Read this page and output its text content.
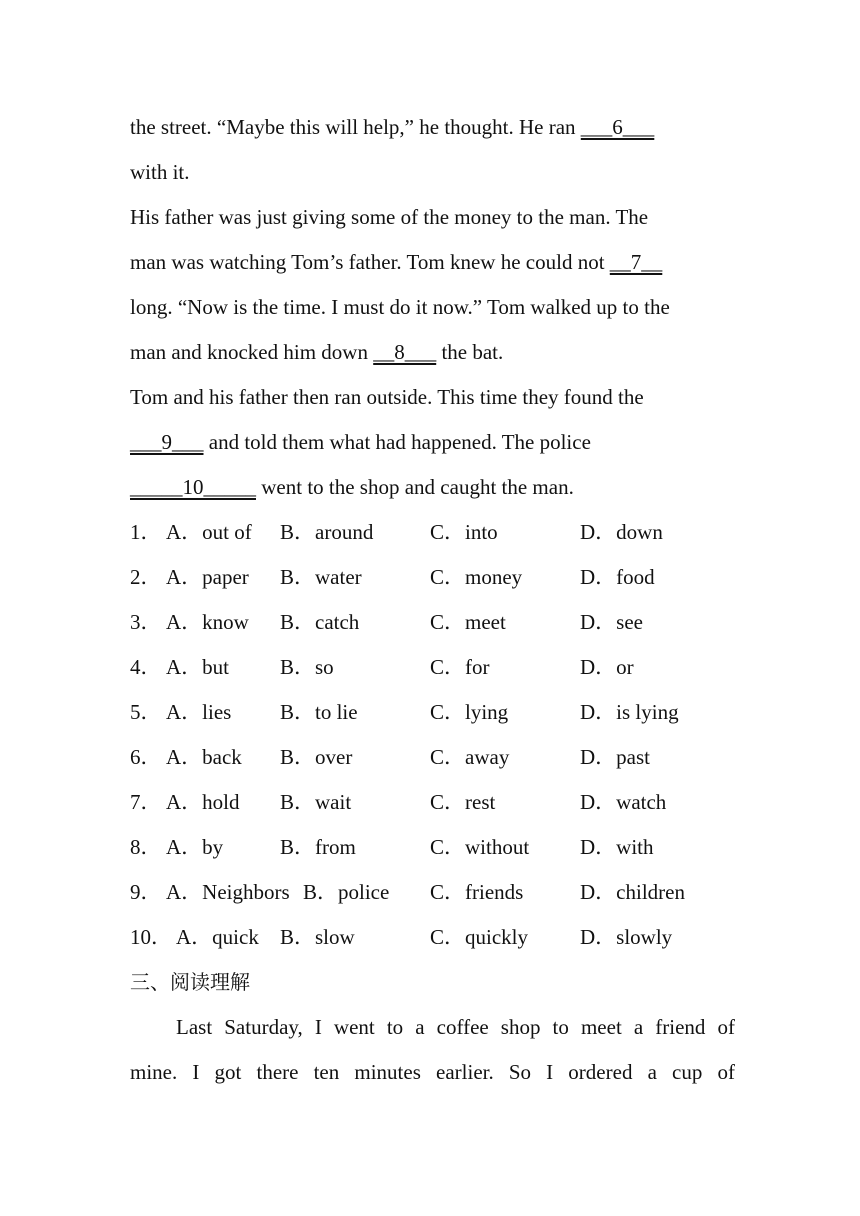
the street. “Maybe this will help,” he thought. He ran ___6___
with it.
His father was just giving some of the money to the man. The
man was watching Tom’s father. Tom knew he could not __7__
long. “Now is the time. I must do it now.” Tom walked up to the
man and knocked him down __8___ the bat.
Tom and his father then ran outside. This time they found the
___9___ and told them what had happened. The police
_____10_____ went to the shop and caught the man.
1． A．out of B．around	C．into	D．down
2． A．paper B．water	C．money	D．food
3． A．know B．catch	C．meet	D．see
4． A．but B．so	C．for	D．or
5． A．lies B．to lie	C．lying	D．is lying
6． A．back B．over	C．away	D．past
7． A．hold B．wait	C．rest	D．watch
8． A．by	B．from	C．without D．with
9． A．Neighbors B．police C．friends	D．children
10． A．quick B．slow	C．quickly D．slowly
三、阅读理解
Last Saturday, I went to a coffee shop to meet a friend of
mine. I got there ten minutes earlier. So I ordered a cup of
